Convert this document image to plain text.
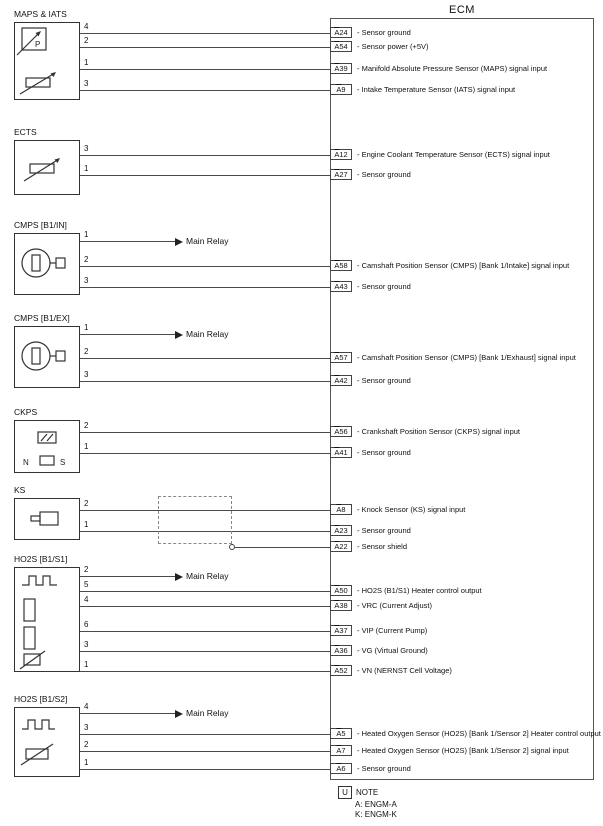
ECM
U	NOTE
A: ENGM-A
K: ENGM-K
A24	- Sensor ground
A54	- Sensor power (+5V)
A39	- Manifold Absolute Pressure Sensor (MAPS) signal input
A9	- Intake Temperature Sensor (IATS) signal input
A12	- Engine Coolant Temperature Sensor (ECTS) signal input
A27	- Sensor ground
A58	- Camshaft Position Sensor (CMPS) [Bank 1/Intake] signal input
A43	- Sensor ground
A57	- Camshaft Position Sensor (CMPS) [Bank 1/Exhaust] signal input
A42	- Sensor ground
A56	- Crankshaft Position Sensor (CKPS) signal input
A41	- Sensor ground
A8	- Knock Sensor (KS) signal input
A23	- Sensor ground
A22	- Sensor shield
A50	- HO2S (B1/S1) Heater control output
A38	- VRC (Current Adjust)
A37	- VIP (Current Pump)
A36	- VG (Virtual Ground)
A52	- VN (NERNST Cell Voltage)
A5	- Heated Oxygen Sensor (HO2S) [Bank 1/Sensor 2] Heater control output
A7	- Heated Oxygen Sensor (HO2S) [Bank 1/Sensor 2] signal input
A6	- Sensor ground
MAPS & IATS
P
4
2
1
3
ECTS
3
1
CMPS [B1/IN]
1
Main Relay
2
3
CMPS [B1/EX]
1
Main Relay
2
3
CKPS
N	S
2
1
KS
2
1
HO2S [B1/S1]
2
Main Relay
5
4
6
3
1
HO2S [B1/S2]
4
Main Relay
3
2
1
